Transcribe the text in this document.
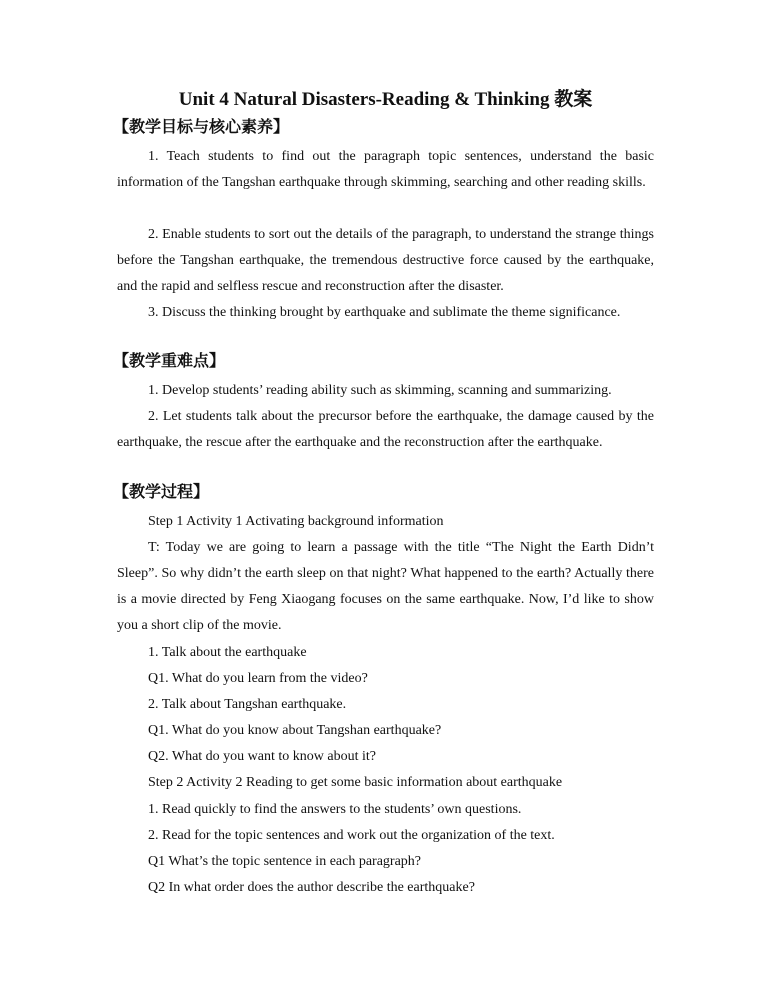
Unit 4 Natural Disasters-Reading & Thinking 教案
【教学目标与核心素养】

1. Teach students to find out the paragraph topic sentences, understand the basic information of the Tangshan earthquake through skimming, searching and other reading skills.

2. Enable students to sort out the details of the paragraph, to understand the strange things before the Tangshan earthquake, the tremendous destructive force caused by the earthquake, and the rapid and selfless rescue and reconstruction after the disaster.

3. Discuss the thinking brought by earthquake and sublimate the theme significance.

【教学重难点】

1. Develop students’ reading ability such as skimming, scanning and summarizing.

2. Let students talk about the precursor before the earthquake, the damage caused by the earthquake, the rescue after the earthquake and the reconstruction after the earthquake.

【教学过程】
Step 1 Activity 1 Activating background information

T: Today we are going to learn a passage with the title “The Night the Earth Didn’t Sleep”. So why didn’t the earth sleep on that night? What happened to the earth? Actually there is a movie directed by Feng Xiaogang focuses on the same earthquake. Now, I’d like to show you a short clip of the movie.

1. Talk about the earthquake
Q1. What do you learn from the video?
2. Talk about Tangshan earthquake.
Q1. What do you know about Tangshan earthquake?
Q2. What do you want to know about it?
Step 2 Activity 2 Reading to get some basic information about earthquake
1. Read quickly to find the answers to the students’ own questions.
2. Read for the topic sentences and work out the organization of the text.
Q1 What’s the topic sentence in each paragraph?
Q2 In what order does the author describe the earthquake?
